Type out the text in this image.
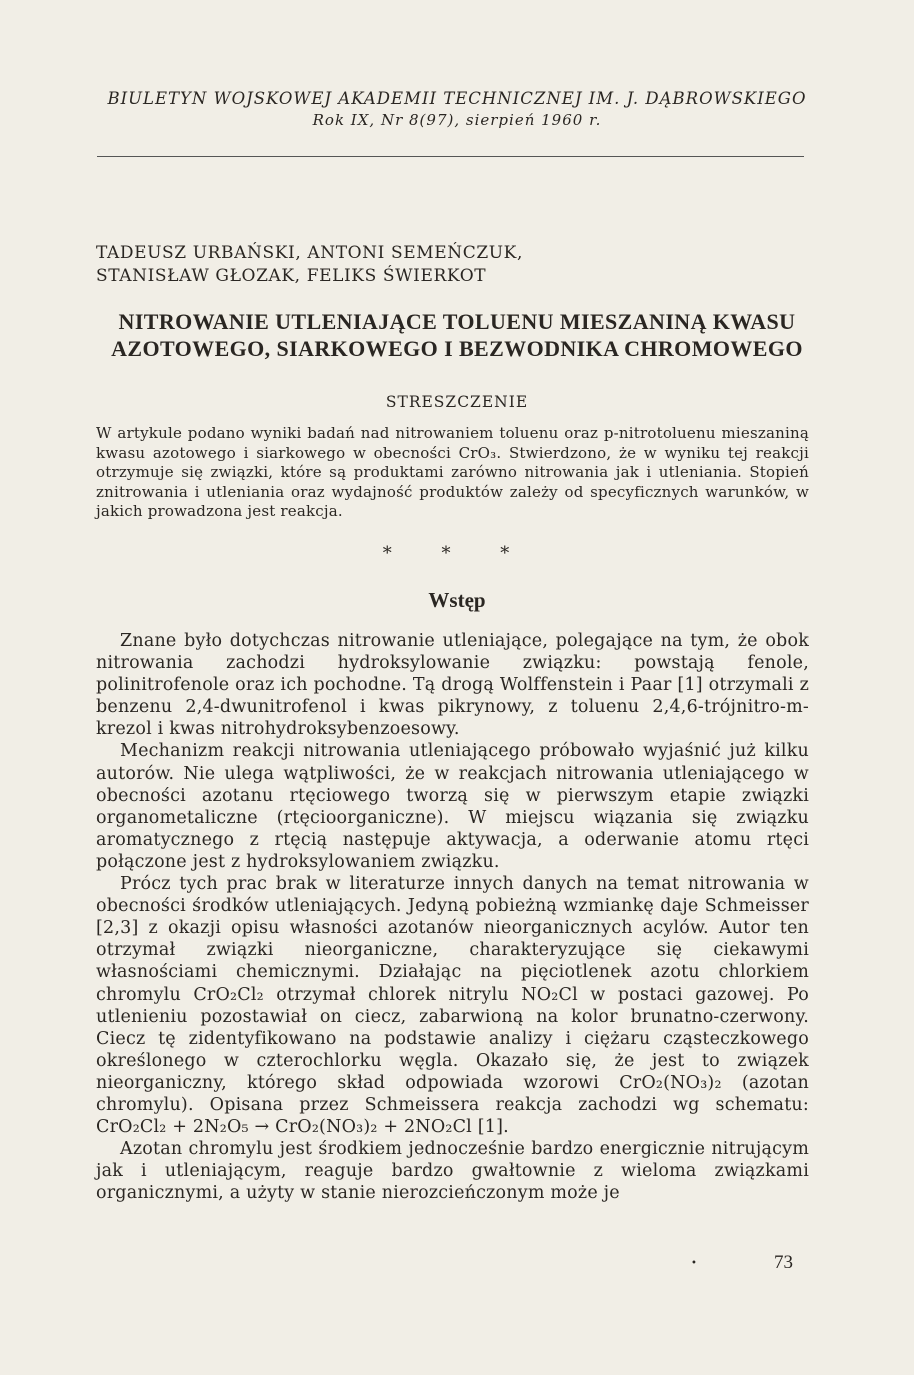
BIULETYN WOJSKOWEJ AKADEMII TECHNICZNEJ IM. J. DĄBROWSKIEGO
Rok IX, Nr 8(97), sierpień 1960 r.
TADEUSZ URBAŃSKI, ANTONI SEMEŃCZUK,
STANISŁAW GŁOZAK, FELIKS ŚWIERKOT
NITROWANIE UTLENIAJĄCE TOLUENU MIESZANINĄ KWASU
AZOTOWEGO, SIARKOWEGO I BEZWODNIKA CHROMOWEGO
STRESZCZENIE
W artykule podano wyniki badań nad nitrowaniem toluenu oraz p-nitrotoluenu mieszaniną kwasu azotowego i siarkowego w obecności CrO₃. Stwierdzono, że w wyniku tej reakcji otrzymuje się związki, które są produktami zarówno nitrowania jak i utleniania. Stopień znitrowania i utleniania oraz wydajność produktów zależy od specyficznych warunków, w jakich prowadzona jest reakcja.
* * *
Wstęp

Znane było dotychczas nitrowanie utleniające, polegające na tym, że obok nitrowania zachodzi hydroksylowanie związku: powstają fenole, polinitrofenole oraz ich pochodne. Tą drogą Wolffenstein i Paar [1] otrzymali z benzenu 2,4-dwunitrofenol i kwas pikrynowy, z toluenu 2,4,6-trójnitro-m-krezol i kwas nitrohydroksybenzoesowy.

Mechanizm reakcji nitrowania utleniającego próbowało wyjaśnić już kilku autorów. Nie ulega wątpliwości, że w reakcjach nitrowania utleniającego w obecności azotanu rtęciowego tworzą się w pierwszym etapie związki organometaliczne (rtęcioorganiczne). W miejscu wiązania się związku aromatycznego z rtęcią następuje aktywacja, a oderwanie atomu rtęci połączone jest z hydroksylowaniem związku.

Prócz tych prac brak w literaturze innych danych na temat nitrowania w obecności środków utleniających. Jedyną pobieżną wzmiankę daje Schmeisser [2,3] z okazji opisu własności azotanów nieorganicznych acylów. Autor ten otrzymał związki nieorganiczne, charakteryzujące się ciekawymi własnościami chemicznymi. Działając na pięciotlenek azotu chlorkiem chromylu CrO₂Cl₂ otrzymał chlorek nitrylu NO₂Cl w postaci gazowej. Po utlenieniu pozostawiał on ciecz, zabarwioną na kolor brunatno-czerwony. Ciecz tę zidentyfikowano na podstawie analizy i ciężaru cząsteczkowego określonego w czterochlorku węgla. Okazało się, że jest to związek nieorganiczny, którego skład odpowiada wzorowi CrO₂(NO₃)₂ (azotan chromylu). Opisana przez Schmeissera reakcja zachodzi wg schematu: CrO₂Cl₂ + 2N₂O₅ → CrO₂(NO₃)₂ + 2NO₂Cl [1].

Azotan chromylu jest środkiem jednocześnie bardzo energicznie nitrującym jak i utleniającym, reaguje bardzo gwałtownie z wieloma związkami organicznymi, a użyty w stanie nierozcieńczonym może je

•	73
